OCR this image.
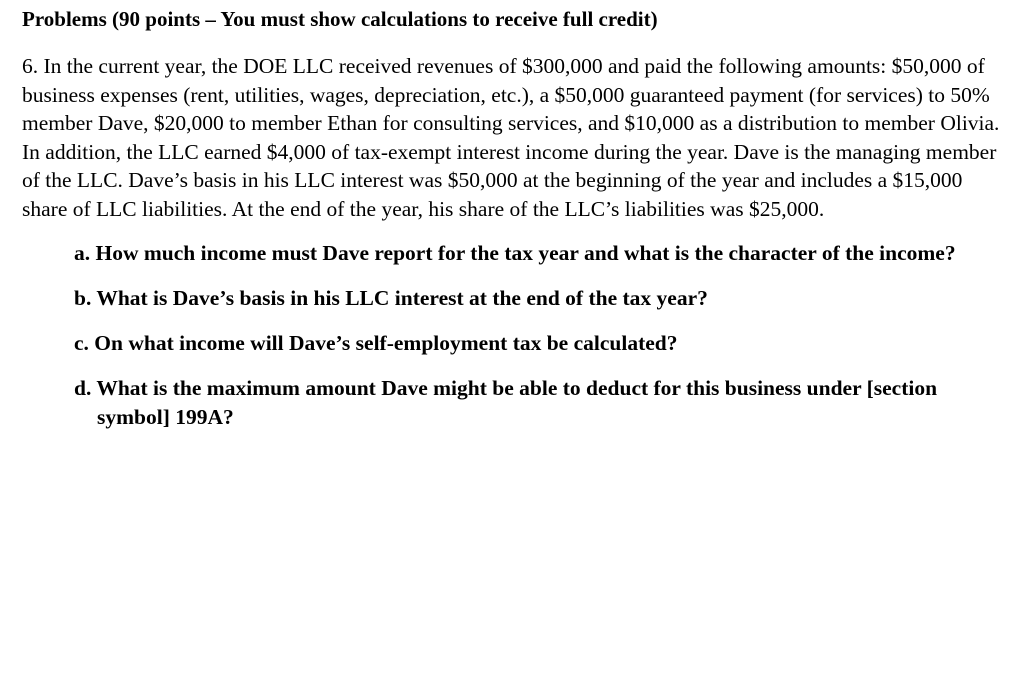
Problems (90 points – You must show calculations to receive full credit)

6. In the current year, the DOE LLC received revenues of $300,000 and paid the following amounts: $50,000 of business expenses (rent, utilities, wages, depreciation, etc.), a $50,000 guaranteed payment (for services) to 50% member Dave, $20,000 to member Ethan for consulting services, and $10,000 as a distribution to member Olivia. In addition, the LLC earned $4,000 of tax-exempt interest income during the year. Dave is the managing member of the LLC. Dave’s basis in his LLC interest was $50,000 at the beginning of the year and includes a $15,000 share of LLC liabilities. At the end of the year, his share of the LLC’s liabilities was $25,000.

a. How much income must Dave report for the tax year and what is the character of the income?
b. What is Dave’s basis in his LLC interest at the end of the tax year?
c. On what income will Dave’s self-employment tax be calculated?
d. What is the maximum amount Dave might be able to deduct for this business under [section symbol] 199A?
